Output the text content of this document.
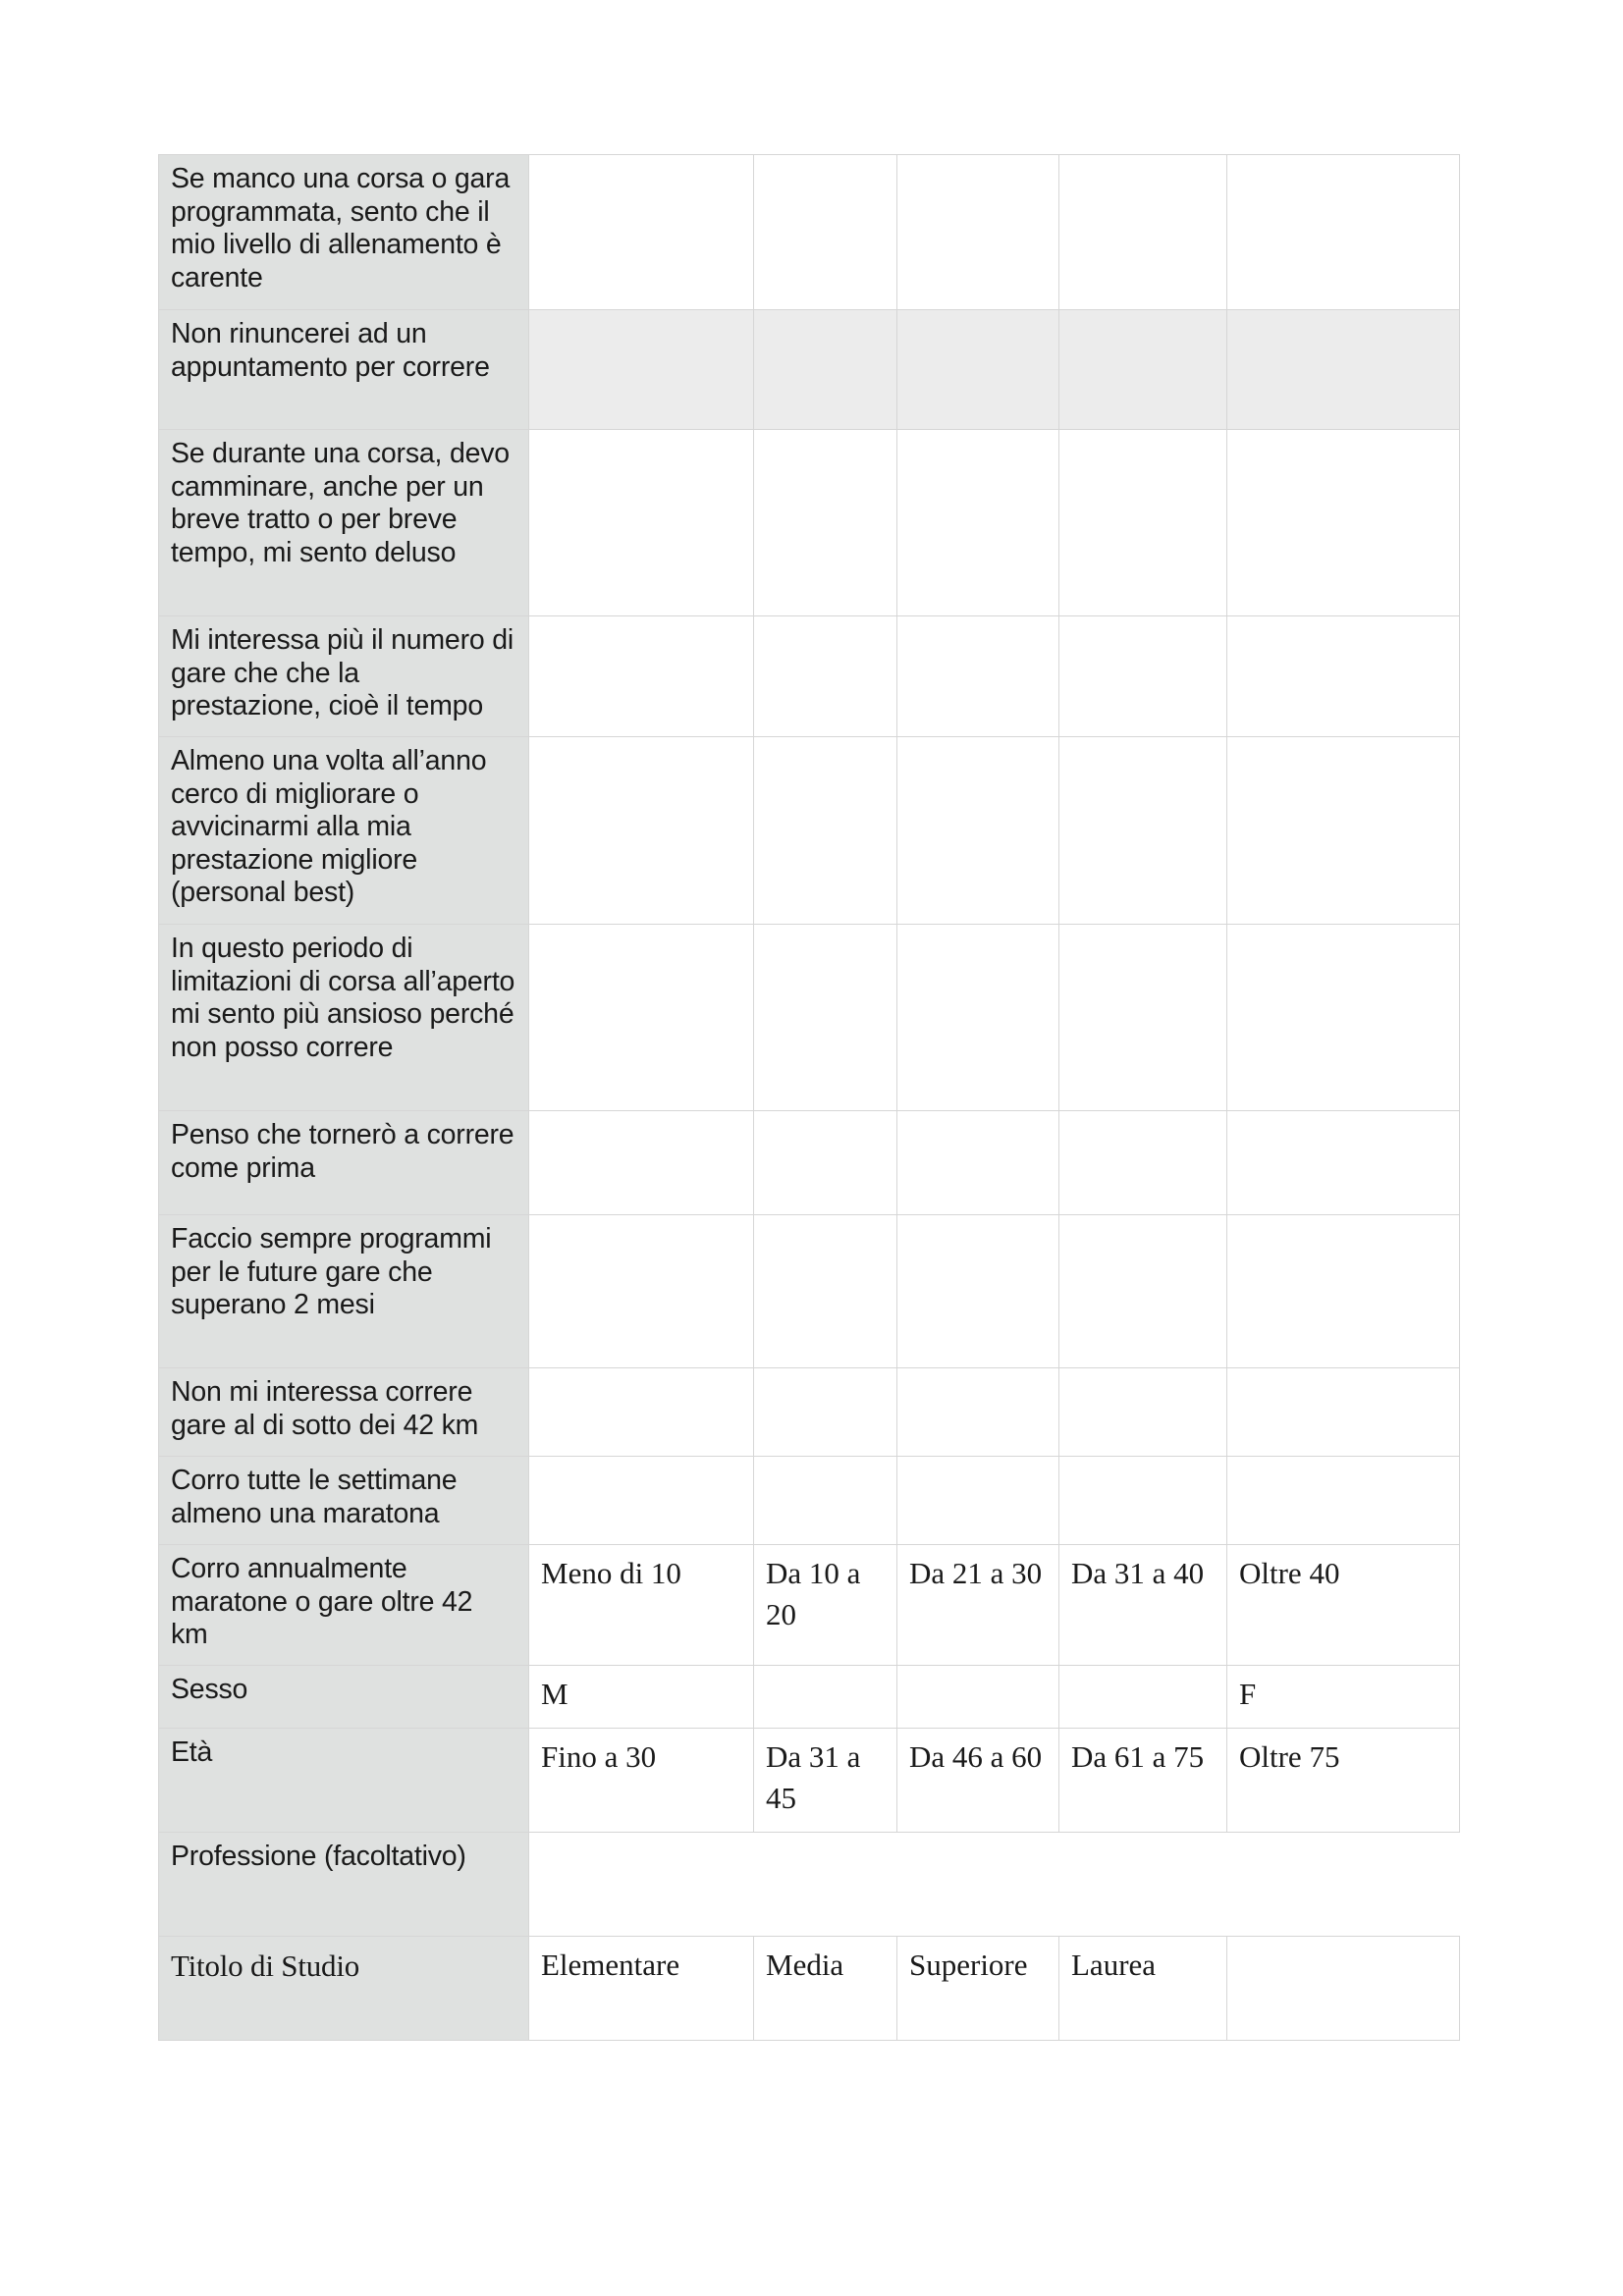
Se manco una corsa o gara programmata, sento che il mio livello di allenamento è carente					
Non rinuncerei ad un appuntamento per correre					
Se durante una corsa, devo camminare, anche per un breve tratto o per breve tempo, mi sento deluso					
Mi interessa più il numero di gare che che la prestazione, cioè il tempo					
Almeno una volta all’anno cerco di migliorare o avvicinarmi alla mia prestazione migliore (personal best)					
In questo periodo di limitazioni di corsa all’aperto mi sento più ansioso perché non posso correre					
Penso che tornerò a correre come prima					
Faccio sempre programmi per le future gare che superano 2 mesi					
Non mi interessa correre gare al di sotto dei 42 km					
Corro tutte le settimane almeno una maratona					
Corro annualmente maratone o gare oltre 42 km	Meno di 10	Da 10 a 20	Da 21 a 30	Da 31 a 40	Oltre 40
Sesso	M				F
Età	Fino a 30	Da 31 a 45	Da 46 a 60	Da 61 a 75	Oltre 75
Professione (facoltativo)					
Titolo di Studio	Elementare	Media	Superiore	Laurea	
